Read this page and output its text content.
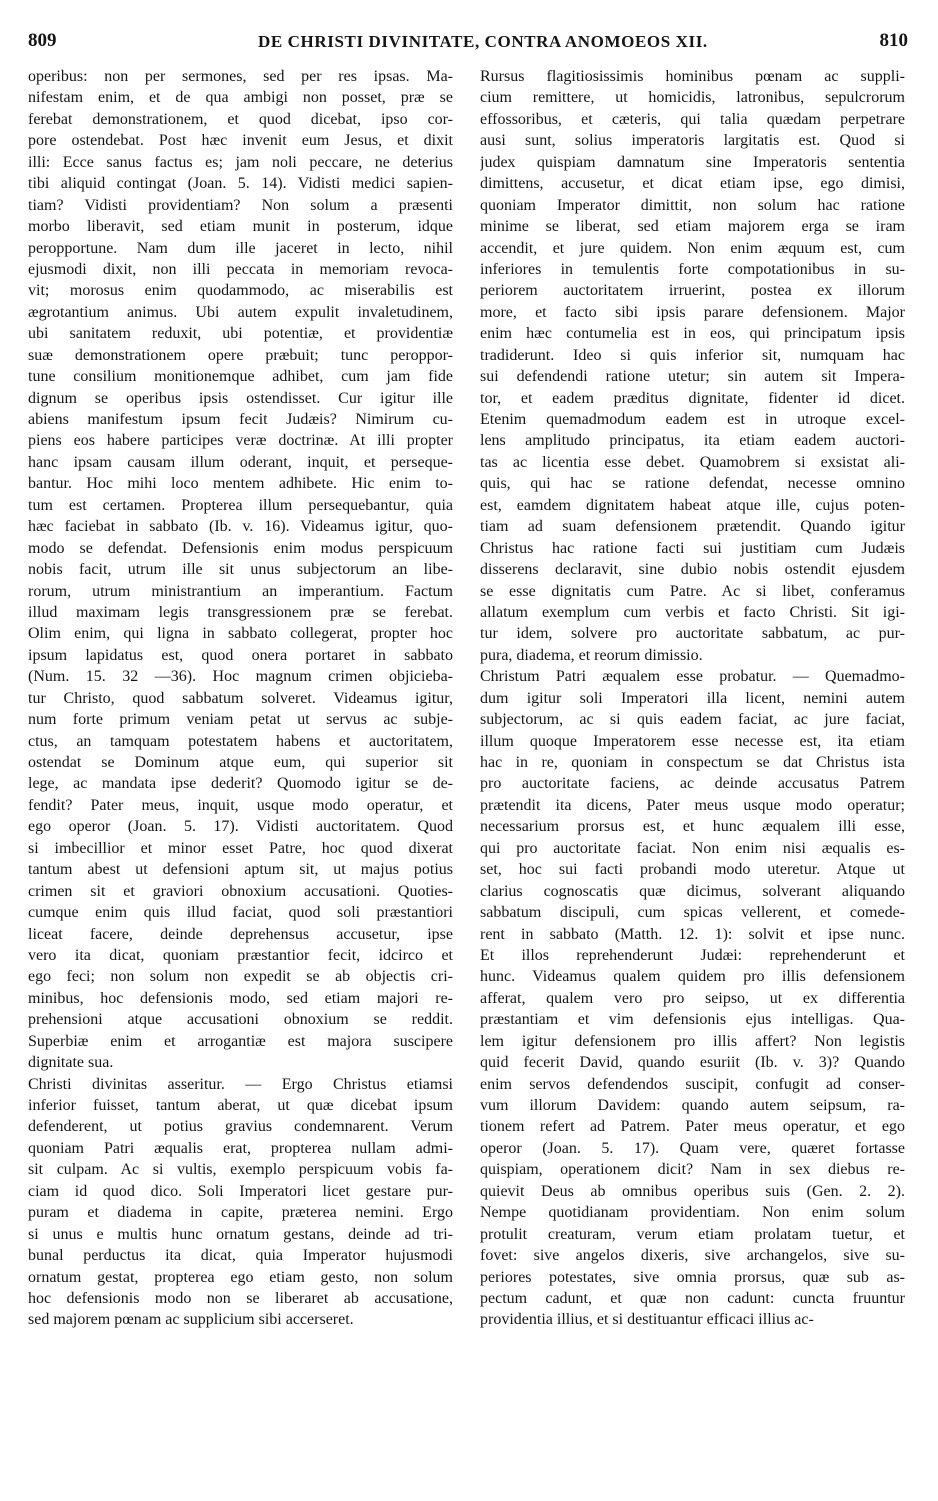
809	DE CHRISTI DIVINITATE, CONTRA ANOMOEOS XII.	810

operibus: non per sermones, sed per res ipsas. Ma-

nifestam enim, et de qua ambigi non posset, præ se

ferebat demonstrationem, et quod dicebat, ipso cor-

pore ostendebat. Post hæc invenit eum Jesus, et dixit

illi: Ecce sanus factus es; jam noli peccare, ne deterius

tibi aliquid contingat (Joan. 5. 14). Vidisti medici sapien-

tiam? Vidisti providentiam? Non solum a præsenti

morbo liberavit, sed etiam munit in posterum, idque

peropportune. Nam dum ille jaceret in lecto, nihil

ejusmodi dixit, non illi peccata in memoriam revoca-

vit; morosus enim quodammodo, ac miserabilis est

ægrotantium animus. Ubi autem expulit invaletudinem,

ubi sanitatem reduxit, ubi potentiæ, et providentiæ

suæ demonstrationem opere præbuit; tunc peroppor-

tune consilium monitionemque adhibet, cum jam fide

dignum se operibus ipsis ostendisset. Cur igitur ille

abiens manifestum ipsum fecit Judæis? Nimirum cu-

piens eos habere participes veræ doctrinæ. At illi propter

hanc ipsam causam illum oderant, inquit, et perseque-

bantur. Hoc mihi loco mentem adhibete. Hic enim to-

tum est certamen. Propterea illum persequebantur, quia

hæc faciebat in sabbato (Ib. v. 16). Videamus igitur, quo-

modo se defendat. Defensionis enim modus perspicuum

nobis facit, utrum ille sit unus subjectorum an libe-

rorum, utrum ministrantium an imperantium. Factum

illud maximam legis transgressionem præ se ferebat.

Olim enim, qui ligna in sabbato collegerat, propter hoc

ipsum lapidatus est, quod onera portaret in sabbato

(Num. 15. 32 —36). Hoc magnum crimen objicieba-

tur Christo, quod sabbatum solveret. Videamus igitur,

num forte primum veniam petat ut servus ac subje-

ctus, an tamquam potestatem habens et auctoritatem,

ostendat se Dominum atque eum, qui superior sit

lege, ac mandata ipse dederit? Quomodo igitur se de-

fendit? Pater meus, inquit, usque modo operatur, et

ego operor (Joan. 5. 17). Vidisti auctoritatem. Quod

si imbecillior et minor esset Patre, hoc quod dixerat

tantum abest ut defensioni aptum sit, ut majus potius

crimen sit et graviori obnoxium accusationi. Quoties-

cumque enim quis illud faciat, quod soli præstantiori

liceat facere, deinde deprehensus accusetur, ipse

vero ita dicat, quoniam præstantior fecit, idcirco et

ego feci; non solum non expedit se ab objectis cri-

minibus, hoc defensionis modo, sed etiam majori re-

prehensioni atque accusationi obnoxium se reddit.

Superbiæ enim et arrogantiæ est majora suscipere

dignitate sua.

Christi divinitas asseritur. — Ergo Christus etiamsi

inferior fuisset, tantum aberat, ut quæ dicebat ipsum

defenderent, ut potius gravius condemnarent. Verum

quoniam Patri æqualis erat, propterea nullam admi-

sit culpam. Ac si vultis, exemplo perspicuum vobis fa-

ciam id quod dico. Soli Imperatori licet gestare pur-

puram et diadema in capite, præterea nemini. Ergo

si unus e multis hunc ornatum gestans, deinde ad tri-

bunal perductus ita dicat, quia Imperator hujusmodi

ornatum gestat, propterea ego etiam gesto, non solum

hoc defensionis modo non se liberaret ab accusatione,

sed majorem pœnam ac supplicium sibi accerseret.

Rursus flagitiosissimis hominibus pœnam ac suppli-

cium remittere, ut homicidis, latronibus, sepulcrorum

effossoribus, et cæteris, qui talia quædam perpetrare

ausi sunt, solius imperatoris largitatis est. Quod si

judex quispiam damnatum sine Imperatoris sententia

dimittens, accusetur, et dicat etiam ipse, ego dimisi,

quoniam Imperator dimittit, non solum hac ratione

minime se liberat, sed etiam majorem erga se iram

accendit, et jure quidem. Non enim æquum est, cum

inferiores in temulentis forte compotationibus in su-

periorem auctoritatem irruerint, postea ex illorum

more, et facto sibi ipsis parare defensionem. Major

enim hæc contumelia est in eos, qui principatum ipsis

tradiderunt. Ideo si quis inferior sit, numquam hac

sui defendendi ratione utetur; sin autem sit Impera-

tor, et eadem præditus dignitate, fidenter id dicet.

Etenim quemadmodum eadem est in utroque excel-

lens amplitudo principatus, ita etiam eadem auctori-

tas ac licentia esse debet. Quamobrem si exsistat ali-

quis, qui hac se ratione defendat, necesse omnino

est, eamdem dignitatem habeat atque ille, cujus poten-

tiam ad suam defensionem prætendit. Quando igitur

Christus hac ratione facti sui justitiam cum Judæis

disserens declaravit, sine dubio nobis ostendit ejusdem

se esse dignitatis cum Patre. Ac si libet, conferamus

allatum exemplum cum verbis et facto Christi. Sit igi-

tur idem, solvere pro auctoritate sabbatum, ac pur-

pura, diadema, et reorum dimissio.

Christum Patri æqualem esse probatur. — Quemadmo-

dum igitur soli Imperatori illa licent, nemini autem

subjectorum, ac si quis eadem faciat, ac jure faciat,

illum quoque Imperatorem esse necesse est, ita etiam

hac in re, quoniam in conspectum se dat Christus ista

pro auctoritate faciens, ac deinde accusatus Patrem

prætendit ita dicens, Pater meus usque modo operatur;

necessarium prorsus est, et hunc æqualem illi esse,

qui pro auctoritate faciat. Non enim nisi æqualis es-

set, hoc sui facti probandi modo uteretur. Atque ut

clarius cognoscatis quæ dicimus, solverant aliquando

sabbatum discipuli, cum spicas vellerent, et comede-

rent in sabbato (Matth. 12. 1): solvit et ipse nunc.

Et illos reprehenderunt Judæi: reprehenderunt et

hunc. Videamus qualem quidem pro illis defensionem

afferat, qualem vero pro seipso, ut ex differentia

præstantiam et vim defensionis ejus intelligas. Qua-

lem igitur defensionem pro illis affert? Non legistis

quid fecerit David, quando esuriit (Ib. v. 3)? Quando

enim servos defendendos suscipit, confugit ad conser-

vum illorum Davidem: quando autem seipsum, ra-

tionem refert ad Patrem. Pater meus operatur, et ego

operor (Joan. 5. 17). Quam vere, quæret fortasse

quispiam, operationem dicit? Nam in sex diebus re-

quievit Deus ab omnibus operibus suis (Gen. 2. 2).

Nempe quotidianam providentiam. Non enim solum

protulit creaturam, verum etiam prolatam tuetur, et

fovet: sive angelos dixeris, sive archangelos, sive su-

periores potestates, sive omnia prorsus, quæ sub as-

pectum cadunt, et quæ non cadunt: cuncta fruuntur

providentia illius, et si destituantur efficaci illius ac-
